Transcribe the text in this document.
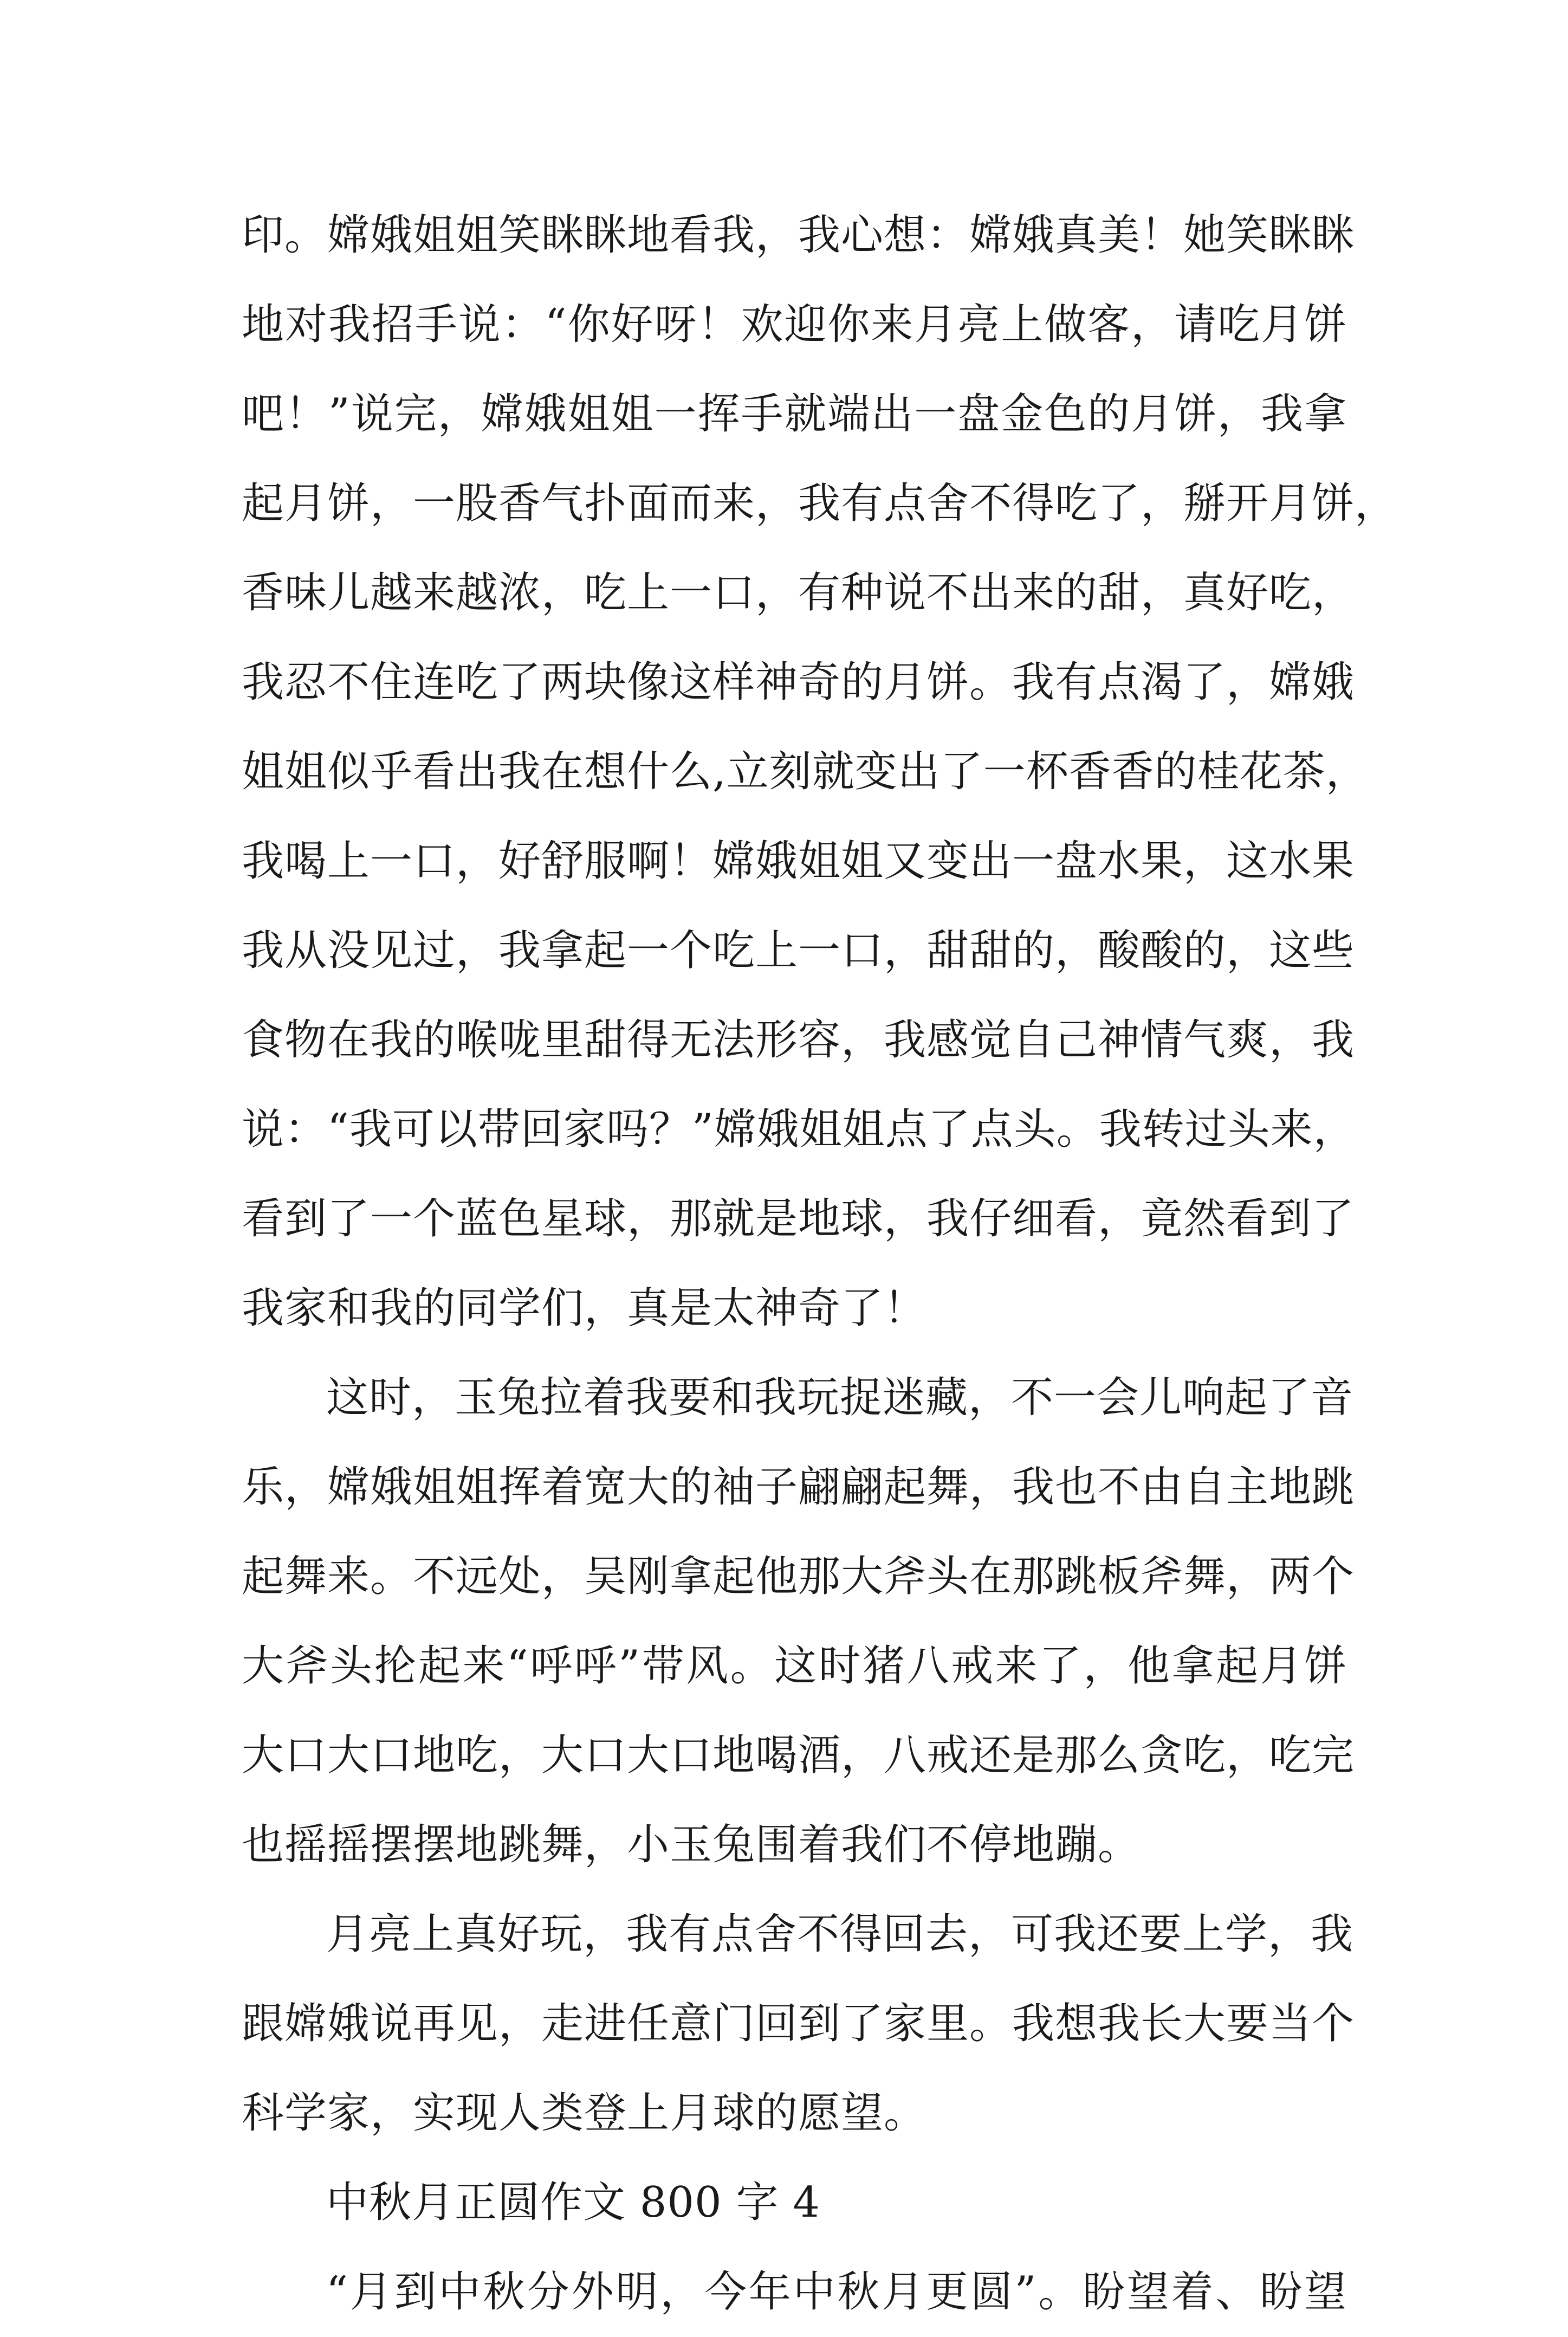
印。嫦娥姐姐笑眯眯地看我，我心想：嫦娥真美！她笑眯眯
地对我招手说：“你好呀！欢迎你来月亮上做客，请吃月饼
吧！”说完，嫦娥姐姐一挥手就端出一盘金色的月饼，我拿
起月饼，一股香气扑面而来，我有点舍不得吃了，掰开月饼，
香味儿越来越浓，吃上一口，有种说不出来的甜，真好吃，
我忍不住连吃了两块像这样神奇的月饼。我有点渴了，嫦娥
姐姐似乎看出我在想什么,立刻就变出了一杯香香的桂花茶，
我喝上一口，好舒服啊！嫦娥姐姐又变出一盘水果，这水果
我从没见过，我拿起一个吃上一口，甜甜的，酸酸的，这些
食物在我的喉咙里甜得无法形容，我感觉自己神情气爽，我
说：“我可以带回家吗？”嫦娥姐姐点了点头。我转过头来，
看到了一个蓝色星球，那就是地球，我仔细看，竟然看到了
我家和我的同学们，真是太神奇了！
这时，玉兔拉着我要和我玩捉迷藏，不一会儿响起了音
乐，嫦娥姐姐挥着宽大的袖子翩翩起舞，我也不由自主地跳
起舞来。不远处，吴刚拿起他那大斧头在那跳板斧舞，两个
大斧头抡起来“呼呼”带风。这时猪八戒来了，他拿起月饼
大口大口地吃，大口大口地喝酒，八戒还是那么贪吃，吃完
也摇摇摆摆地跳舞，小玉兔围着我们不停地蹦。
月亮上真好玩，我有点舍不得回去，可我还要上学，我
跟嫦娥说再见，走进任意门回到了家里。我想我长大要当个
科学家，实现人类登上月球的愿望。
中秋月正圆作文 800 字 4
“月到中秋分外明，今年中秋月更圆”。盼望着、盼望
